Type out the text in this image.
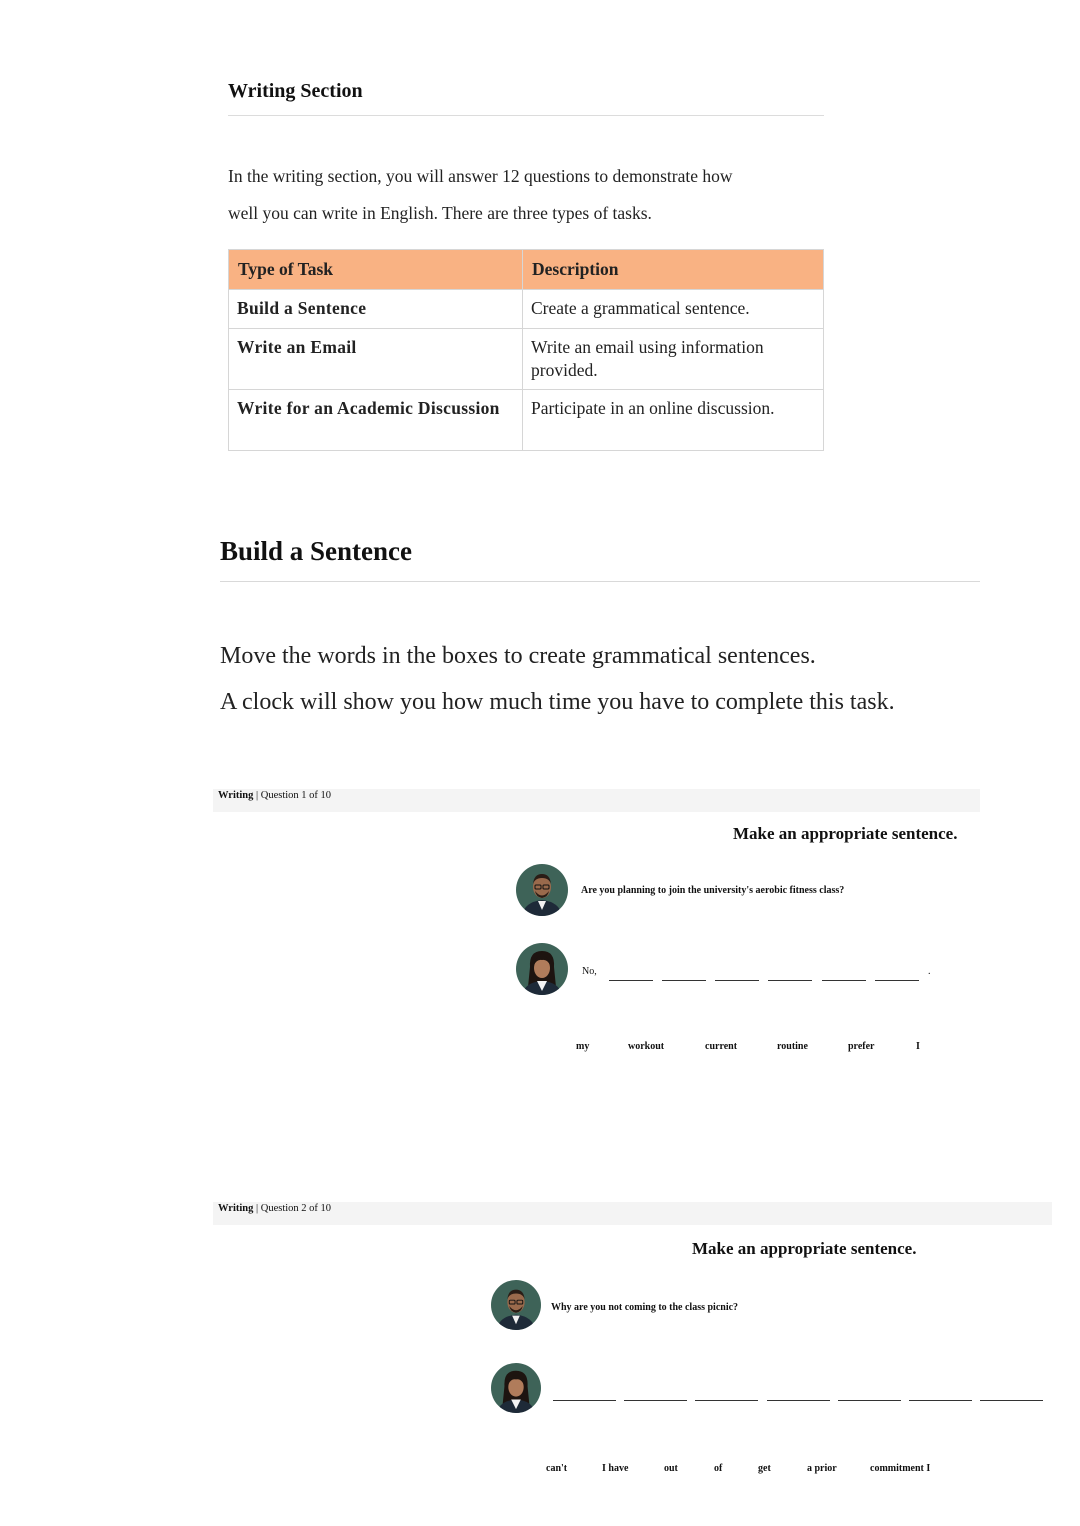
Writing Section
In the writing section, you will answer 12 questions to demonstrate how
well you can write in English. There are three types of tasks.
Type of Task	Description
Build a Sentence	Create a grammatical sentence.
Write an Email	Write an email using information provided.
Write for an Academic Discussion	Participate in an online discussion.
Build a Sentence
Move the words in the boxes to create grammatical sentences.
A clock will show you how much time you have to complete this task.
Writing | Question 1 of 10
Make an appropriate sentence.
Are you planning to join the university's aerobic fitness class?
No,	.
my	workout	current	routine	prefer	I
Writing | Question 2 of 10
Make an appropriate sentence.
Why are you not coming to the class picnic?
can't	I have	out	of	get	a prior	commitment I
